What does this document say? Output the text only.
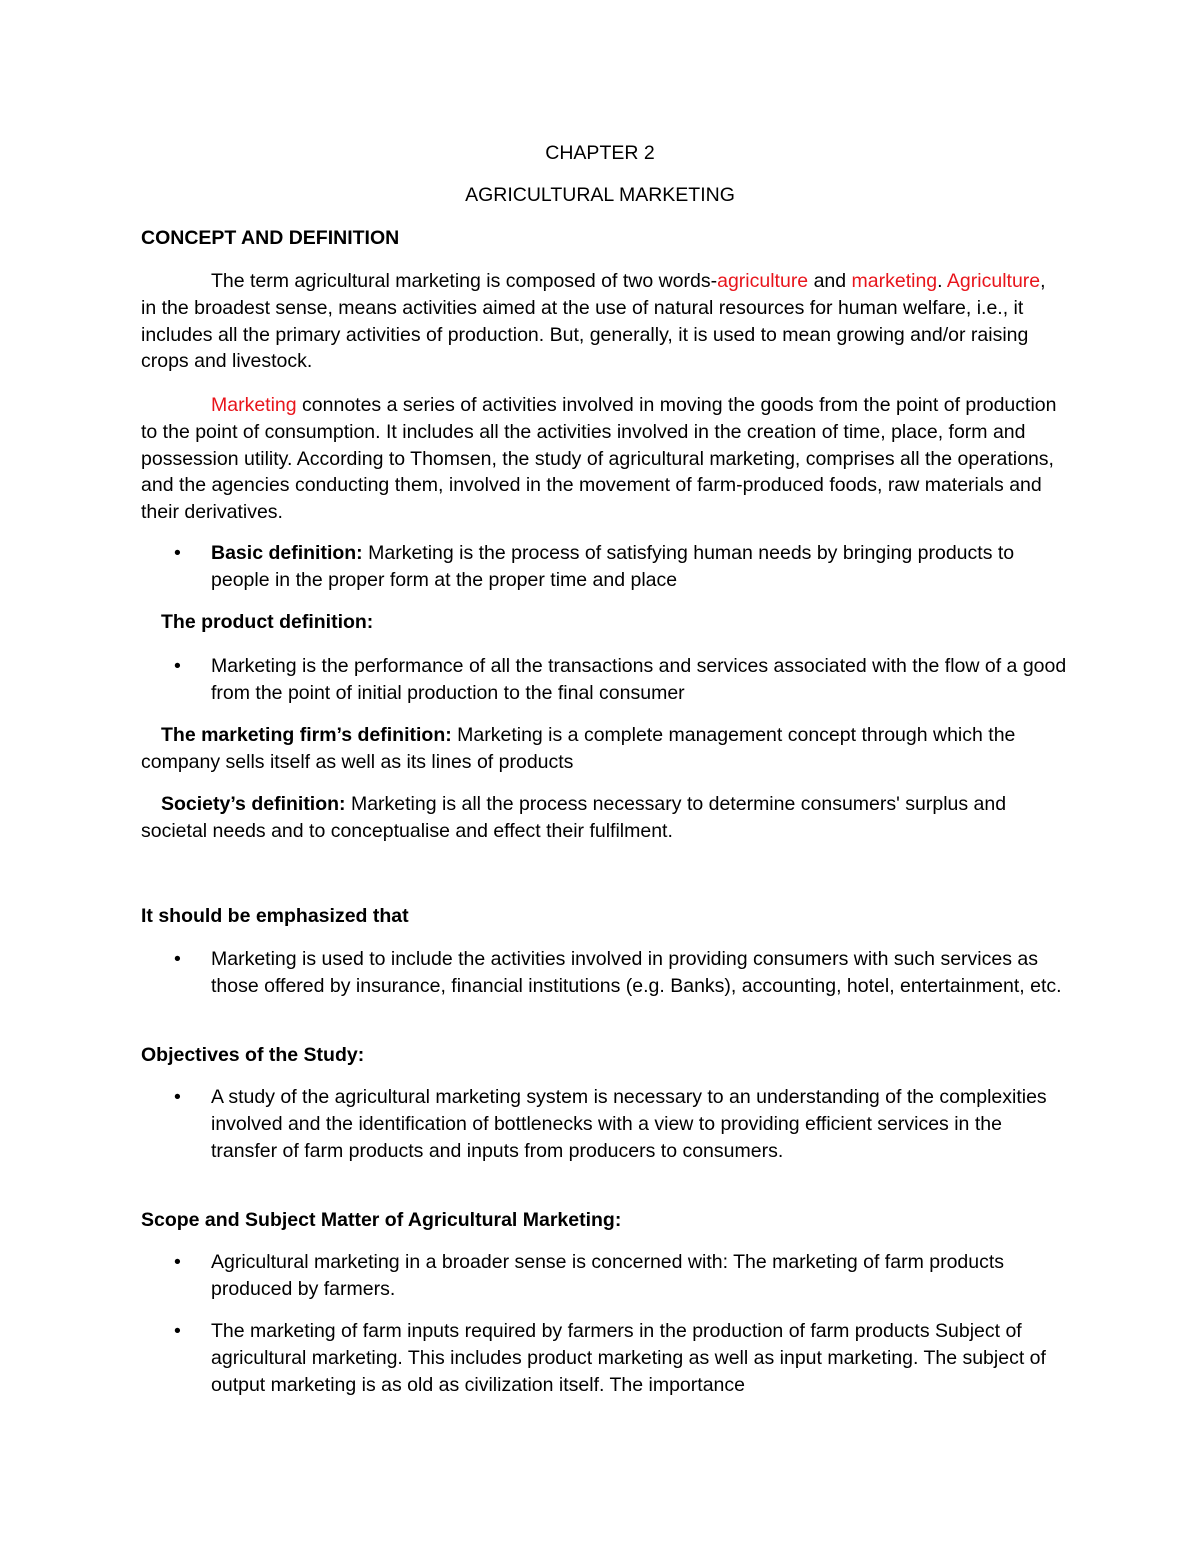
CHAPTER 2
AGRICULTURAL MARKETING
CONCEPT AND DEFINITION

The term agricultural marketing is composed of two words-agriculture and marketing. Agriculture, in the broadest sense, means activities aimed at the use of natural resources for human welfare, i.e., it includes all the primary activities of production. But, generally, it is used to mean growing and/or raising crops and livestock.

Marketing connotes a series of activities involved in moving the goods from the point of production to the point of consumption. It includes all the activities involved in the creation of time, place, form and possession utility. According to Thomsen, the study of agricultural marketing, comprises all the operations, and the agencies conducting them, involved in the movement of farm-produced foods, raw materials and their derivatives.

•	Basic definition: Marketing is the process of satisfying human needs by bringing products to people in the proper form at the proper time and place

The product definition:
•	Marketing is the performance of all the transactions and services associated with the flow of a good from the point of initial production to the final consumer

The marketing firm’s definition: Marketing is a complete management concept through which the company sells itself as well as its lines of products

Society’s definition: Marketing is all the process necessary to determine consumers' surplus and societal needs and to conceptualise and effect their fulfilment.

It should be emphasized that
•	Marketing is used to include the activities involved in providing consumers with such services as those offered by insurance, financial institutions (e.g. Banks), accounting, hotel, entertainment, etc.

Objectives of the Study:
•	A study of the agricultural marketing system is necessary to an understanding of the complexities involved and the identification of bottlenecks with a view to providing efficient services in the transfer of farm products and inputs from producers to consumers.

Scope and Subject Matter of Agricultural Marketing:
•	Agricultural marketing in a broader sense is concerned with: The marketing of farm products produced by farmers.

•	The marketing of farm inputs required by farmers in the production of farm products Subject of agricultural marketing. This includes product marketing as well as input marketing. The subject of output marketing is as old as civilization itself. The importance
